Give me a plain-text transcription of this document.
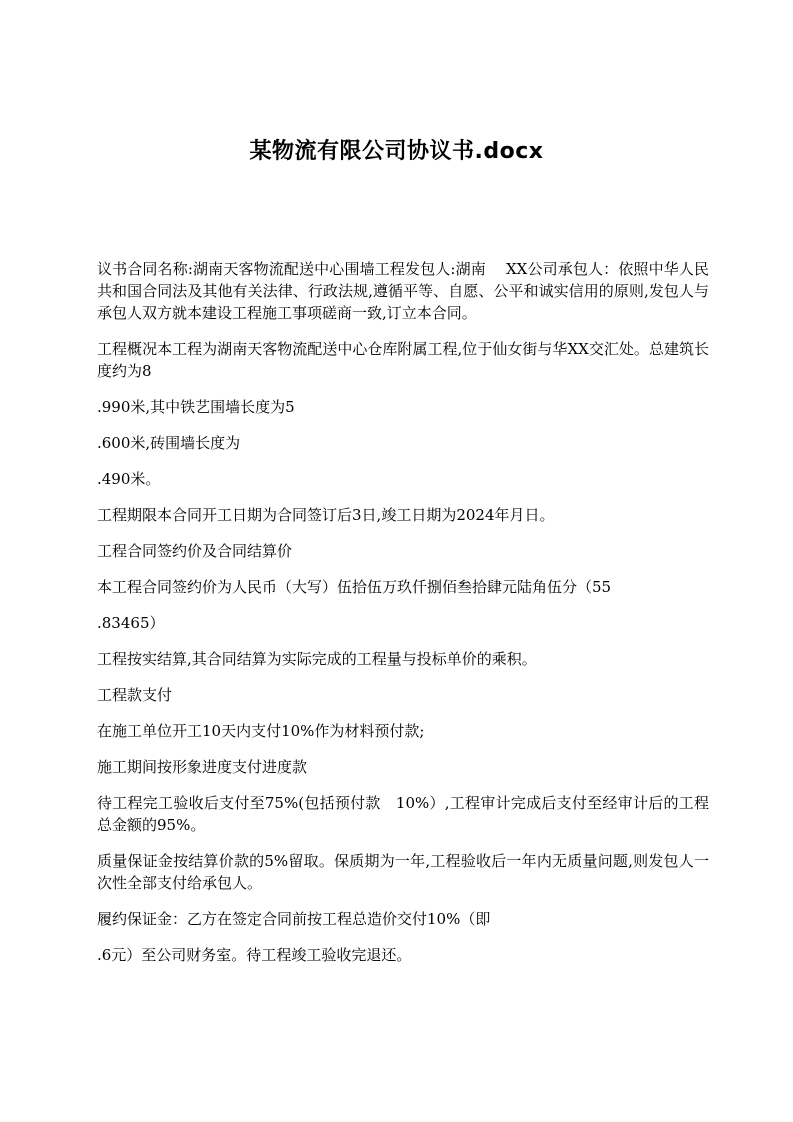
某物流有限公司协议书.docx

议书合同名称:湖南天客物流配送中心围墙工程发包人:湖南　 XX公司承包人：依照中华人民共和国合同法及其他有关法律、行政法规,遵循平等、自愿、公平和诚实信用的原则,发包人与承包人双方就本建设工程施工事项磋商一致,订立本合同。

工程概况本工程为湖南天客物流配送中心仓库附属工程,位于仙女街与华XX交汇处。总建筑长度约为8

.990米,其中铁艺围墙长度为5

.600米,砖围墙长度为

.490米。

工程期限本合同开工日期为合同签订后3日,竣工日期为2024年月日。

工程合同签约价及合同结算价

本工程合同签约价为人民币（大写）伍拾伍万玖仟捌佰叁拾肆元陆角伍分（55

.83465）

工程按实结算,其合同结算为实际完成的工程量与投标单价的乘积。

工程款支付

在施工单位开工10天内支付10%作为材料预付款;

施工期间按形象进度支付进度款

待工程完工验收后支付至75%(包括预付款　10%）,工程审计完成后支付至经审计后的工程总金额的95%。

质量保证金按结算价款的5%留取。保质期为一年,工程验收后一年内无质量问题,则发包人一次性全部支付给承包人。

履约保证金：乙方在签定合同前按工程总造价交付10%（即

.6元）至公司财务室。待工程竣工验收完退还。
